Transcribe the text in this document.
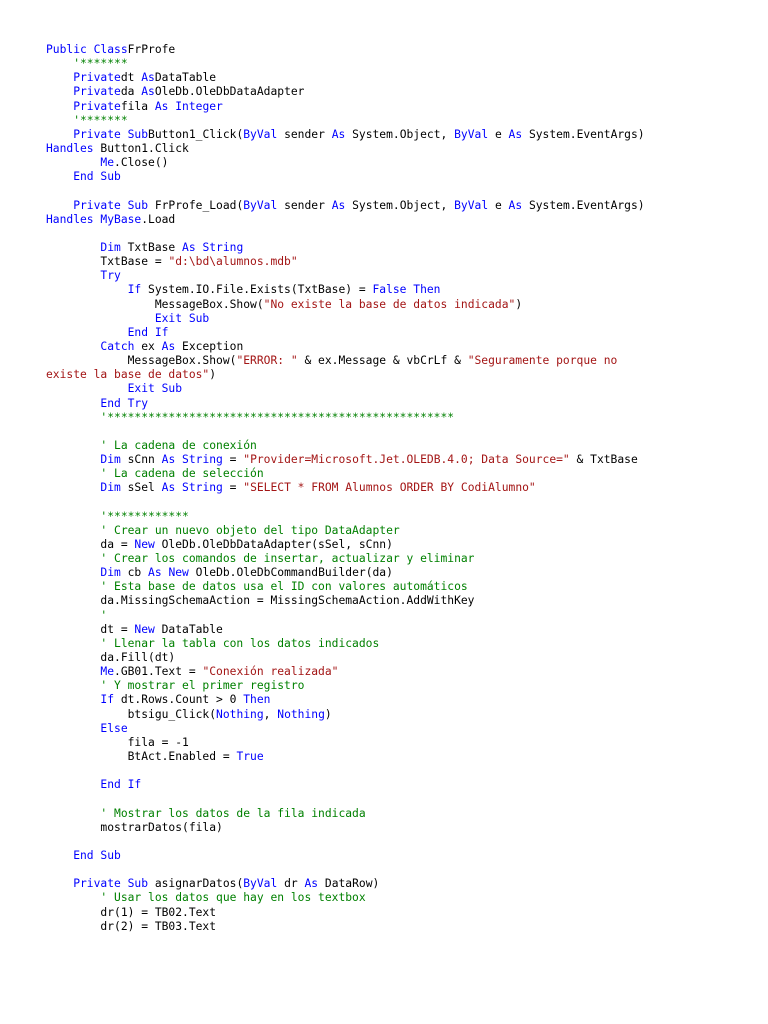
Public ClassFrProfe
'*******
Privatedt AsDataTable
Privateda AsOleDb.OleDbDataAdapter
Privatefila As Integer
'*******
Private SubButton1_Click(ByVal sender As System.Object, ByVal e As System.EventArgs)
Handles Button1.Click
Me.Close()
End Sub

Private Sub FrProfe_Load(ByVal sender As System.Object, ByVal e As System.EventArgs)
Handles MyBase.Load

Dim TxtBase As String
TxtBase = "d:\bd\alumnos.mdb"
Try
If System.IO.File.Exists(TxtBase) = False Then
MessageBox.Show("No existe la base de datos indicada")
Exit Sub
End If
Catch ex As Exception
MessageBox.Show("ERROR: " & ex.Message & vbCrLf & "Seguramente porque no
existe la base de datos")
Exit Sub
End Try
'***************************************************

' La cadena de conexión
Dim sCnn As String = "Provider=Microsoft.Jet.OLEDB.4.0; Data Source=" & TxtBase
' La cadena de selección
Dim sSel As String = "SELECT * FROM Alumnos ORDER BY CodiAlumno"

'************
' Crear un nuevo objeto del tipo DataAdapter
da = New OleDb.OleDbDataAdapter(sSel, sCnn)
' Crear los comandos de insertar, actualizar y eliminar
Dim cb As New OleDb.OleDbCommandBuilder(da)
' Esta base de datos usa el ID con valores automáticos
da.MissingSchemaAction = MissingSchemaAction.AddWithKey
'
dt = New DataTable
' Llenar la tabla con los datos indicados
da.Fill(dt)
Me.GB01.Text = "Conexión realizada"
' Y mostrar el primer registro
If dt.Rows.Count > 0 Then
btsigu_Click(Nothing, Nothing)
Else
fila = -1
BtAct.Enabled = True

End If

' Mostrar los datos de la fila indicada
mostrarDatos(fila)

End Sub

Private Sub asignarDatos(ByVal dr As DataRow)
' Usar los datos que hay en los textbox
dr(1) = TB02.Text
dr(2) = TB03.Text
